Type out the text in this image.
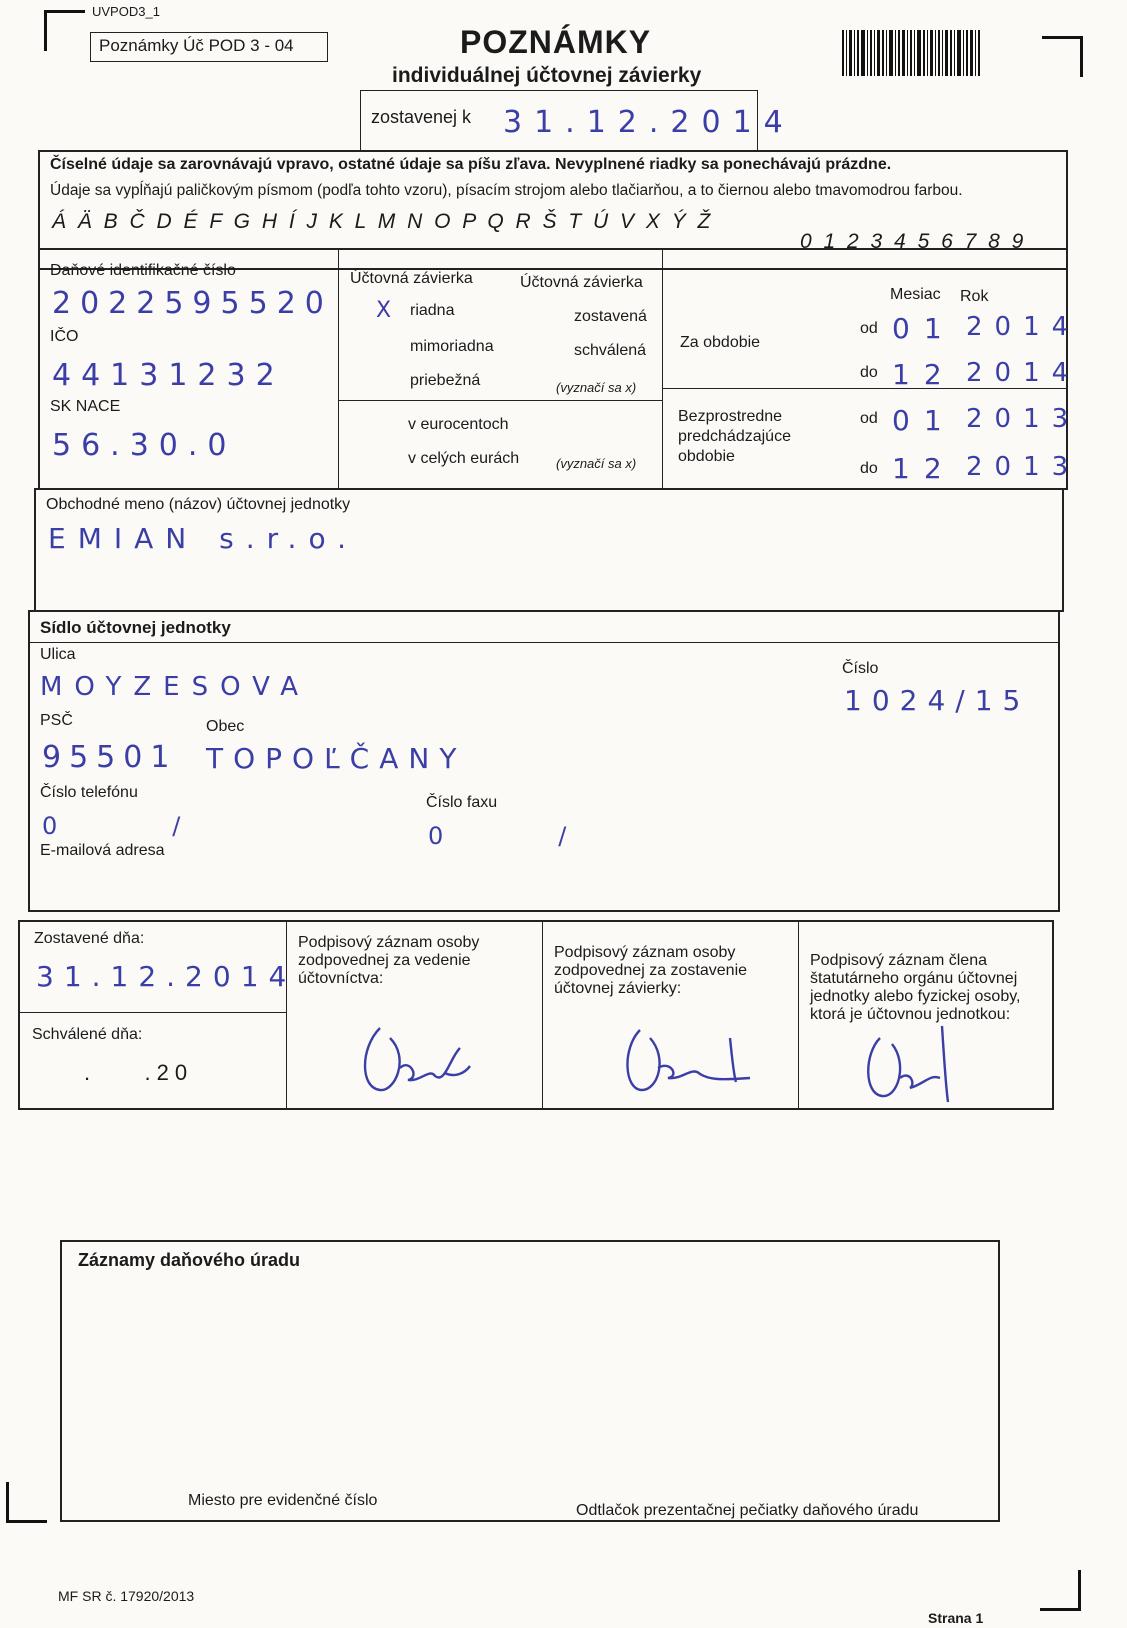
UVPOD3_1
Poznámky Úč POD 3 - 04	POZNÁMKY
individuálnej účtovnej závierky
zostavenej k 31.12.2014
Číselné údaje sa zarovnávajú vpravo, ostatné údaje sa píšu zľava. Nevyplnené riadky sa ponechávajú prázdne.
Údaje sa vypĺňajú paličkovým písmom (podľa tohto vzoru), písacím strojom alebo tlačiarňou, a to čiernou alebo tmavomodrou farbou.
Á Ä B Č D É F G H Í J K L M N O P Q R Š T Ú V X Ý Ž
0 1 2 3 4 5 6 7 8 9
Daňové identifikačné číslo
2022595520
IČO
44131232
SK NACE
56.30.0
Účtovná závierka	Účtovná závierka
X riadna
mimoriadna
priebežná
zostavená
schválená
(vyznačí sa x)
v eurocentoch
v celých eurách	(vyznačí sa x)
Mesiac Rok
Za obdobie
od 01 2014
do 12 2014
Bezprostredne
predchádzajúce
obdobie
od 01 2013
do 12 2013
Obchodné meno (názov) účtovnej jednotky
EMIAN s.r.o.
Sídlo účtovnej jednotky
Ulica
MOYZESOVA
Číslo
1024/15
PSČ
95501
Obec
TOPOĽČANY
Číslo telefónu
0        /
Číslo faxu
0        /
E-mailová adresa
Zostavené dňa:
31.12.2014
Schválené dňa:
.    .20
Podpisový záznam osoby zodpovednej za vedenie účtovníctva:
Podpisový záznam osoby zodpovednej za zostavenie účtovnej závierky:
Podpisový záznam člena štatutárneho orgánu účtovnej jednotky alebo fyzickej osoby, ktorá je účtovnou jednotkou:
Záznamy daňového úradu
Miesto pre evidenčné číslo
Odtlačok prezentačnej pečiatky daňového úradu
MF SR č. 17920/2013
Strana 1
